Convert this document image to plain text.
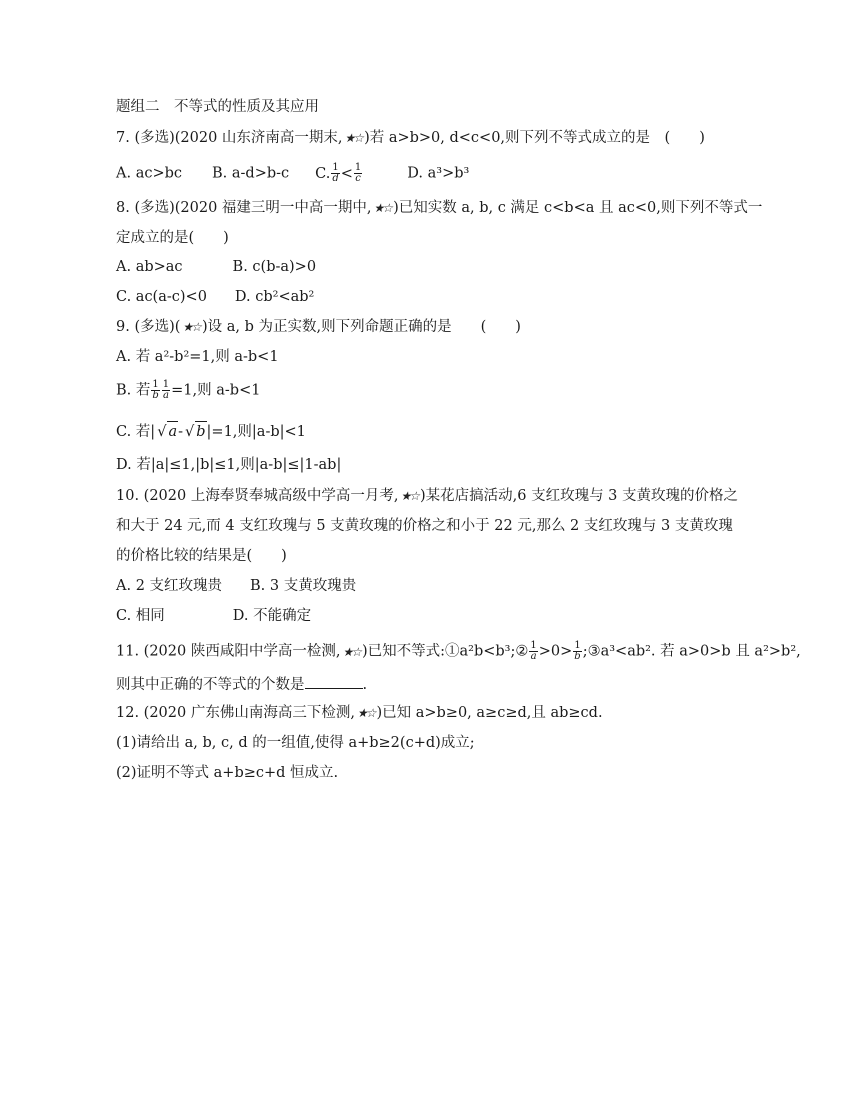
题组二　不等式的性质及其应用
7. (多选)(2020 山东济南高一期末, ★☆ )若 a>b>0, d<c<0,则下列不等式成立的是　(　　)
A. ac>bc B. a-d>b-c C. $\frac{1}{d} < \frac{1}{c}$	D. a³>b³
8. (多选)(2020 福建三明一中高一期中, ★☆ )已知实数 a, b, c 满足 c<b<a 且 ac<0,则下列不等式一
定成立的是(　　)
A. ab>ac	B. c(b-a)>0
C. ac(a-c)<0 D. cb²<ab²
9. (多选)( ★☆ )设 a, b 为正实数,则下列命题正确的是　　(　　)
A. 若 a²-b²=1,则 a-b<1
B. 若 $\frac{1}{b} \frac{1}{a} =1$,则 a-b<1
C. 若| √ a- √ b|=1,则|a-b|<1
D. 若|a|≤1,|b|≤1,则|a-b|≤|1-ab|
10. (2020 上海奉贤奉城高级中学高一月考, ★☆ )某花店搞活动,6 支红玫瑰与 3 支黄玫瑰的价格之
和大于 24 元,而 4 支红玫瑰与 5 支黄玫瑰的价格之和小于 22 元,那么 2 支红玫瑰与 3 支黄玫瑰
的价格比较的结果是(　　)
A. 2 支红玫瑰贵 B. 3 支黄玫瑰贵
C. 相同	D. 不能确定
11. (2020 陕西咸阳中学高一检测, ★☆ )已知不等式:①a²b<b³;② $\frac{1}{a} >0> \frac{1}{b}$ ;③a³<ab². 若 a>0>b 且 a²>b²,
则其中正确的不等式的个数是	.
12. (2020 广东佛山南海高三下检测, ★☆ )已知 a>b≥0, a≥c≥d,且 ab≥cd.
(1)请给出 a, b, c, d 的一组值,使得 a+b≥2(c+d)成立;
(2)证明不等式 a+b≥c+d 恒成立.
